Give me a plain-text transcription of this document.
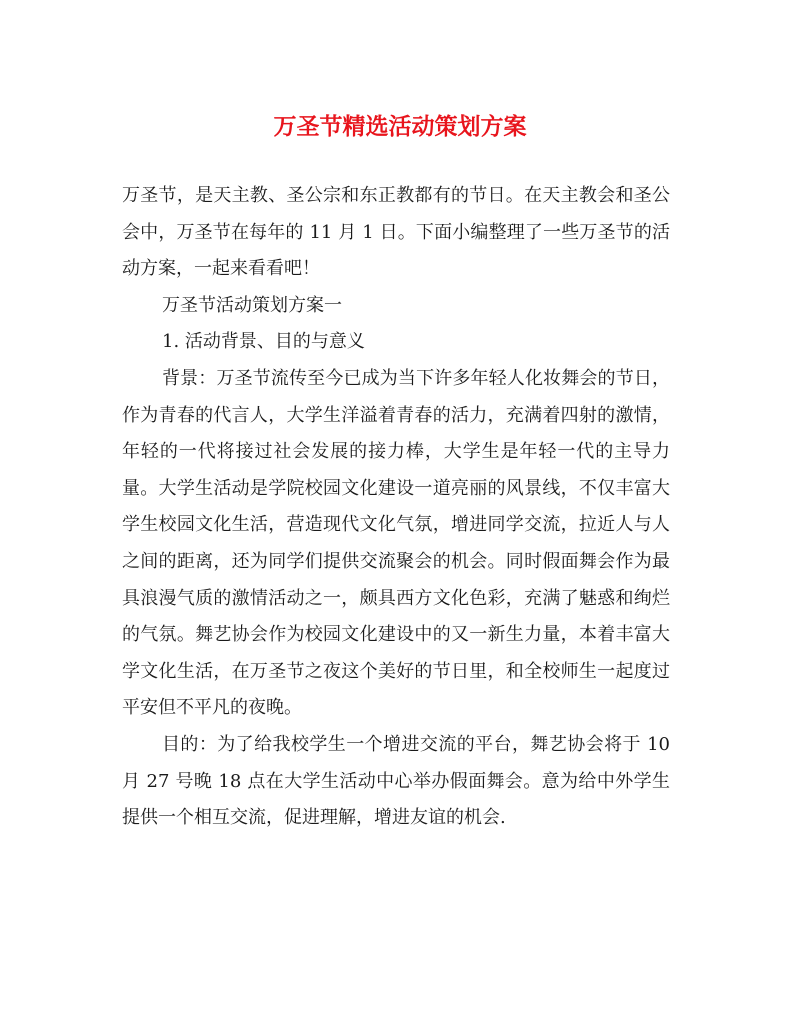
万圣节精选活动策划方案

万圣节，是天主教、圣公宗和东正教都有的节日。在天主教会和圣公会中，万圣节在每年的 11 月 1 日。下面小编整理了一些万圣节的活动方案，一起来看看吧！

万圣节活动策划方案一

1. 活动背景、目的与意义

背景：万圣节流传至今已成为当下许多年轻人化妆舞会的节日，作为青春的代言人，大学生洋溢着青春的活力，充满着四射的激情，年轻的一代将接过社会发展的接力棒，大学生是年轻一代的主导力量。大学生活动是学院校园文化建设一道亮丽的风景线，不仅丰富大学生校园文化生活，营造现代文化气氛，增进同学交流，拉近人与人之间的距离，还为同学们提供交流聚会的机会。同时假面舞会作为最具浪漫气质的激情活动之一，颇具西方文化色彩，充满了魅惑和绚烂的气氛。舞艺协会作为校园文化建设中的又一新生力量，本着丰富大学文化生活，在万圣节之夜这个美好的节日里，和全校师生一起度过平安但不平凡的夜晚。

目的：为了给我校学生一个增进交流的平台，舞艺协会将于 10 月 27 号晚 18 点在大学生活动中心举办假面舞会。意为给中外学生提供一个相互交流，促进理解，增进友谊的机会.
